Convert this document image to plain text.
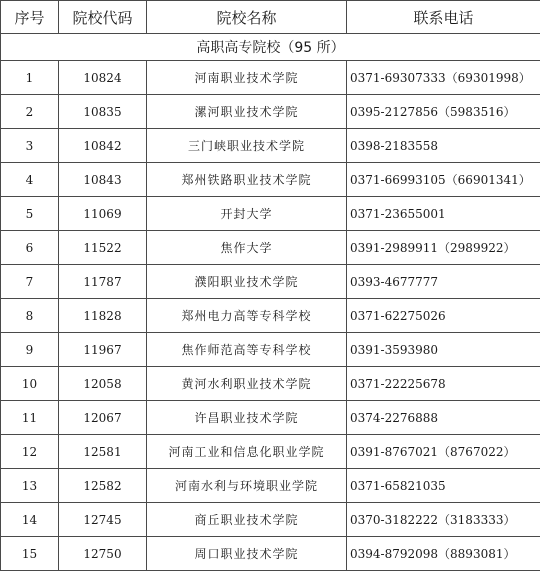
序号	院校代码	院校名称	联系电话
高职高专院校（95 所）			
1	10824	河南职业技术学院	0371-69307333（69301998）
2	10835	漯河职业技术学院	0395-2127856（5983516）
3	10842	三门峡职业技术学院	0398-2183558
4	10843	郑州铁路职业技术学院	0371-66993105（66901341）
5	11069	开封大学	0371-23655001
6	11522	焦作大学	0391-2989911（2989922）
7	11787	濮阳职业技术学院	0393-4677777
8	11828	郑州电力高等专科学校	0371-62275026
9	11967	焦作师范高等专科学校	0391-3593980
10	12058	黄河水利职业技术学院	0371-22225678
11	12067	许昌职业技术学院	0374-2276888
12	12581	河南工业和信息化职业学院	0391-8767021（8767022）
13	12582	河南水利与环境职业学院	0371-65821035
14	12745	商丘职业技术学院	0370-3182222（3183333）
15	12750	周口职业技术学院	0394-8792098（8893081）
